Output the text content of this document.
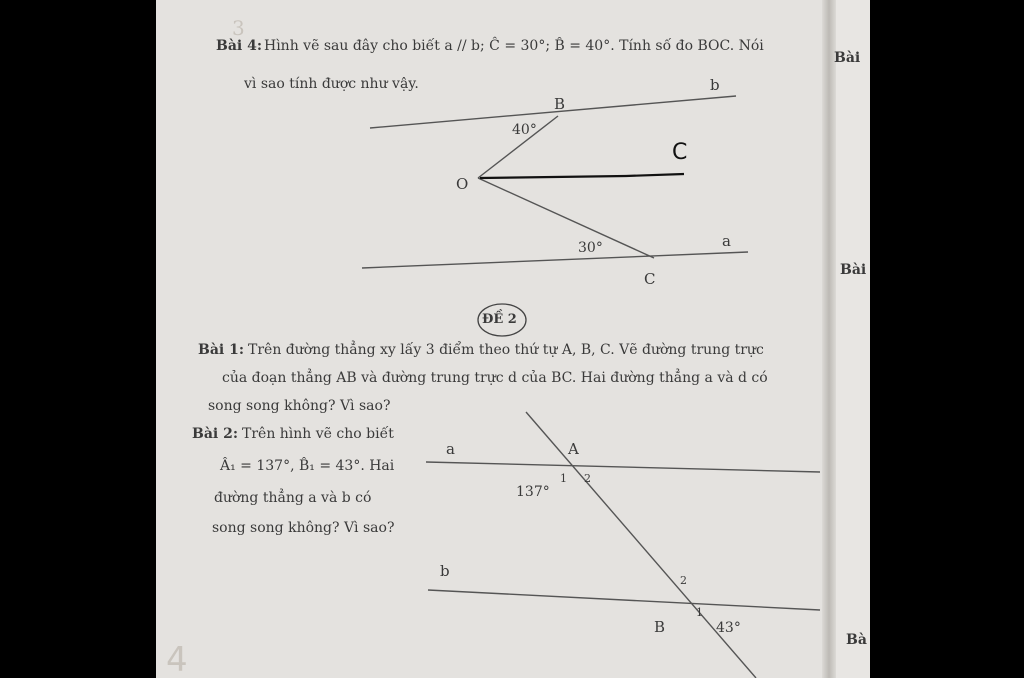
3
Bài 4: Hình vẽ sau đây cho biết a // b; Ĉ = 30°; B̂ = 40°. Tính số đo BOC. Nói
vì sao tính được như vậy.	b
B
40°
C
O
30°	a
C
ĐỀ 2
Bài 1: Trên đường thẳng xy lấy 3 điểm theo thứ tự A, B, C. Vẽ đường trung trực
của đoạn thẳng AB và đường trung trực d của BC. Hai đường thẳng a và d có
song song không? Vì sao?
Bài 2: Trên hình vẽ cho biết
Â₁ = 137°, B̂₁ = 43°. Hai
đường thẳng a và b có
song song không? Vì sao?
a	A
1 2
137°
b
2
1
B	43°
4
Bài
Bài
Bà
